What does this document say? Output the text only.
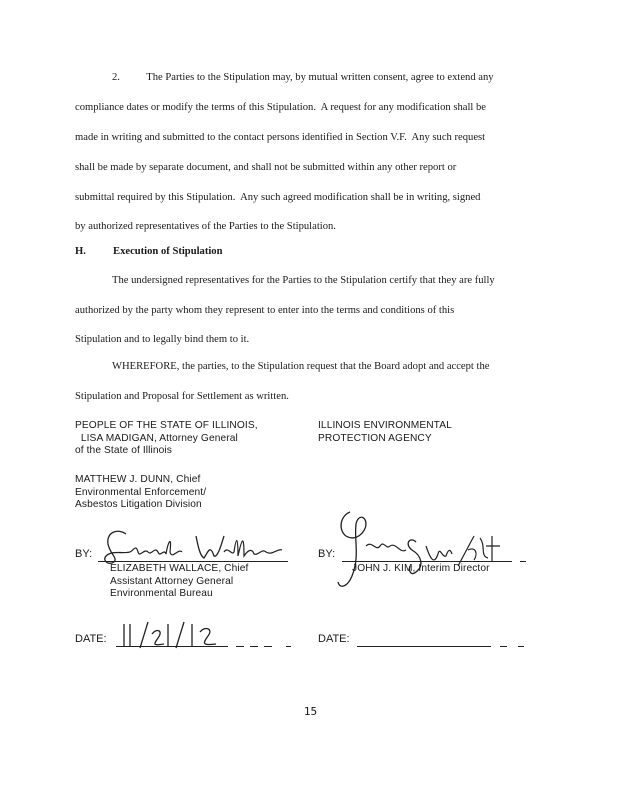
2.          The Parties to the Stipulation may, by mutual written consent, agree to extend any
compliance dates or modify the terms of this Stipulation.  A request for any modification shall be
made in writing and submitted to the contact persons identified in Section V.F.  Any such request
shall be made by separate document, and shall not be submitted within any other report or
submittal required by this Stipulation.  Any such agreed modification shall be in writing, signed
by authorized representatives of the Parties to the Stipulation.
H.	Execution of Stipulation
The undersigned representatives for the Parties to the Stipulation certify that they are fully
authorized by the party whom they represent to enter into the terms and conditions of this
Stipulation and to legally bind them to it.
WHEREFORE, the parties, to the Stipulation request that the Board adopt and accept the
Stipulation and Proposal for Settlement as written.
PEOPLE OF THE STATE OF ILLINOIS,
LISA MADIGAN, Attorney General
of the State of Illinois
MATTHEW J. DUNN, Chief
Environmental Enforcement/
Asbestos Litigation Division
ILLINOIS ENVIRONMENTAL
PROTECTION AGENCY
BY:
ELIZABETH WALLACE, Chief
Assistant Attorney General
Environmental Bureau
BY:
JOHN J. KIM, Interim Director
DATE:	DATE:
15
